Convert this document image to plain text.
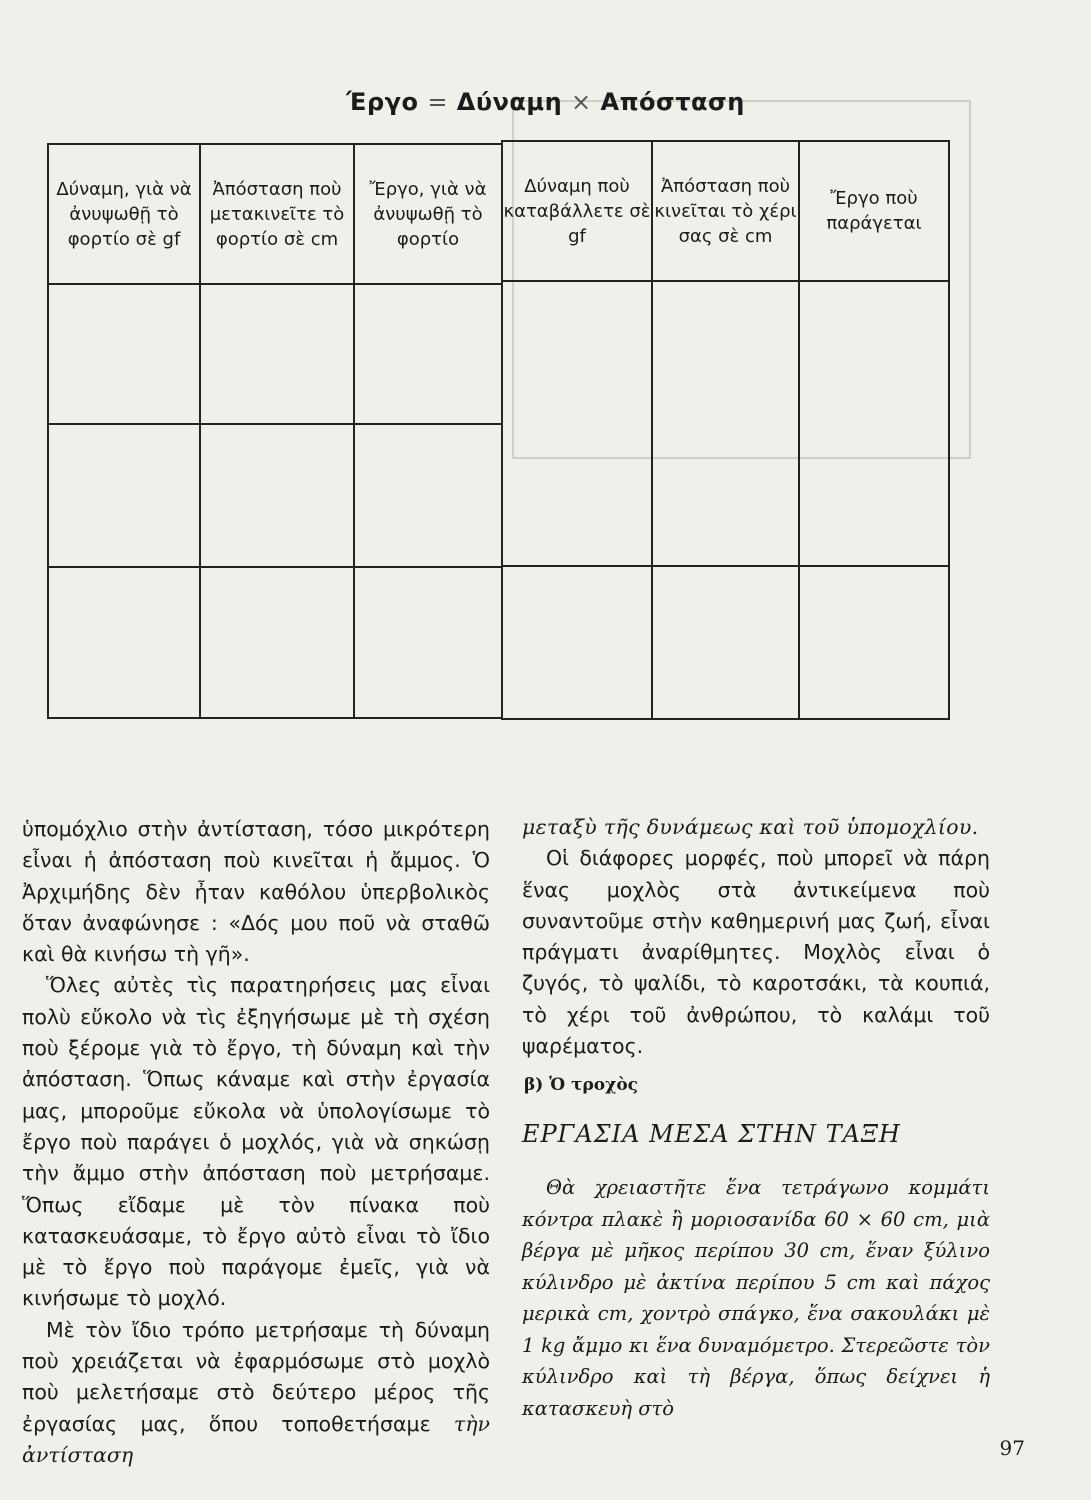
Έργο = Δύναμη × Απόσταση
Δύναμη, γιὰ νὰ ἀνυψωθῇ τὸ φορτίο σὲ gf	Ἀπόσταση ποὺ μετακινεῖτε τὸ φορτίο σὲ cm	Ἔργο, γιὰ νὰ ἀνυψωθῇ τὸ φορτίο

Δύναμη ποὺ καταβάλλετε σὲ gf	Ἀπόσταση ποὺ κινεῖται τὸ χέρι σας σὲ cm	Ἔργο ποὺ παράγεται

ὑπομόχλιο στὴν ἀντίσταση, τόσο μικρότερη εἶναι ἡ ἀπόσταση ποὺ κινεῖται ἡ ἄμμος. Ὁ Ἀρχιμήδης δὲν ἦταν καθόλου ὑπερβολικὸς ὅταν ἀναφώνησε : «Δός μου ποῦ νὰ σταθῶ καὶ θὰ κινήσω τὴ γῆ».

Ὅλες αὐτὲς τὶς παρατηρήσεις μας εἶναι πολὺ εὔκολο νὰ τὶς ἐξηγήσωμε μὲ τὴ σχέση ποὺ ξέρομε γιὰ τὸ ἔργο, τὴ δύναμη καὶ τὴν ἀπόσταση. Ὅπως κάναμε καὶ στὴν ἐργασία μας, μποροῦμε εὔκολα νὰ ὑπολογίσωμε τὸ ἔργο ποὺ παράγει ὁ μοχλός, γιὰ νὰ σηκώσῃ τὴν ἄμμο στὴν ἀπόσταση ποὺ μετρήσαμε. Ὅπως εἴδαμε μὲ τὸν πίνακα ποὺ κατασκευάσαμε, τὸ ἔργο αὐτὸ εἶναι τὸ ἴδιο μὲ τὸ ἔργο ποὺ παράγομε ἐμεῖς, γιὰ νὰ κινήσωμε τὸ μοχλό.

Μὲ τὸν ἴδιο τρόπο μετρήσαμε τὴ δύναμη ποὺ χρειάζεται νὰ ἐφαρμόσωμε στὸ μοχλὸ ποὺ μελετήσαμε στὸ δεύτερο μέρος τῆς ἐργασίας μας, ὅπου τοποθετήσαμε τὴν ἀντίσταση

μεταξὺ τῆς δυνάμεως καὶ τοῦ ὑπομοχλίου.

Οἱ διάφορες μορφές, ποὺ μπορεῖ νὰ πάρη ἕνας μοχλὸς στὰ ἀντικείμενα ποὺ συναντοῦμε στὴν καθημερινή μας ζωή, εἶναι πράγματι ἀναρίθμητες. Μοχλὸς εἶναι ὁ ζυγός, τὸ ψαλίδι, τὸ καροτσάκι, τὰ κουπιά, τὸ χέρι τοῦ ἀνθρώπου, τὸ καλάμι τοῦ ψαρέματος.

β) Ὁ τροχὸς
ΕΡΓΑΣΙΑ ΜΕΣΑ ΣΤΗΝ ΤΑΞΗ

Θὰ χρειαστῆτε ἕνα τετράγωνο κομμάτι κόντρα πλακὲ ἢ μοριοσανίδα 60 × 60 cm, μιὰ βέργα μὲ μῆκος περίπου 30 cm, ἕναν ξύλινο κύλινδρο μὲ ἀκτίνα περίπου 5 cm καὶ πάχος μερικὰ cm, χοντρὸ σπάγκο, ἕνα σακουλάκι μὲ 1 kg ἄμμο κι ἕνα δυναμόμετρο. Στερεῶστε τὸν κύλινδρο καὶ τὴ βέργα, ὅπως δείχνει ἡ κατασκευὴ στὸ

97
